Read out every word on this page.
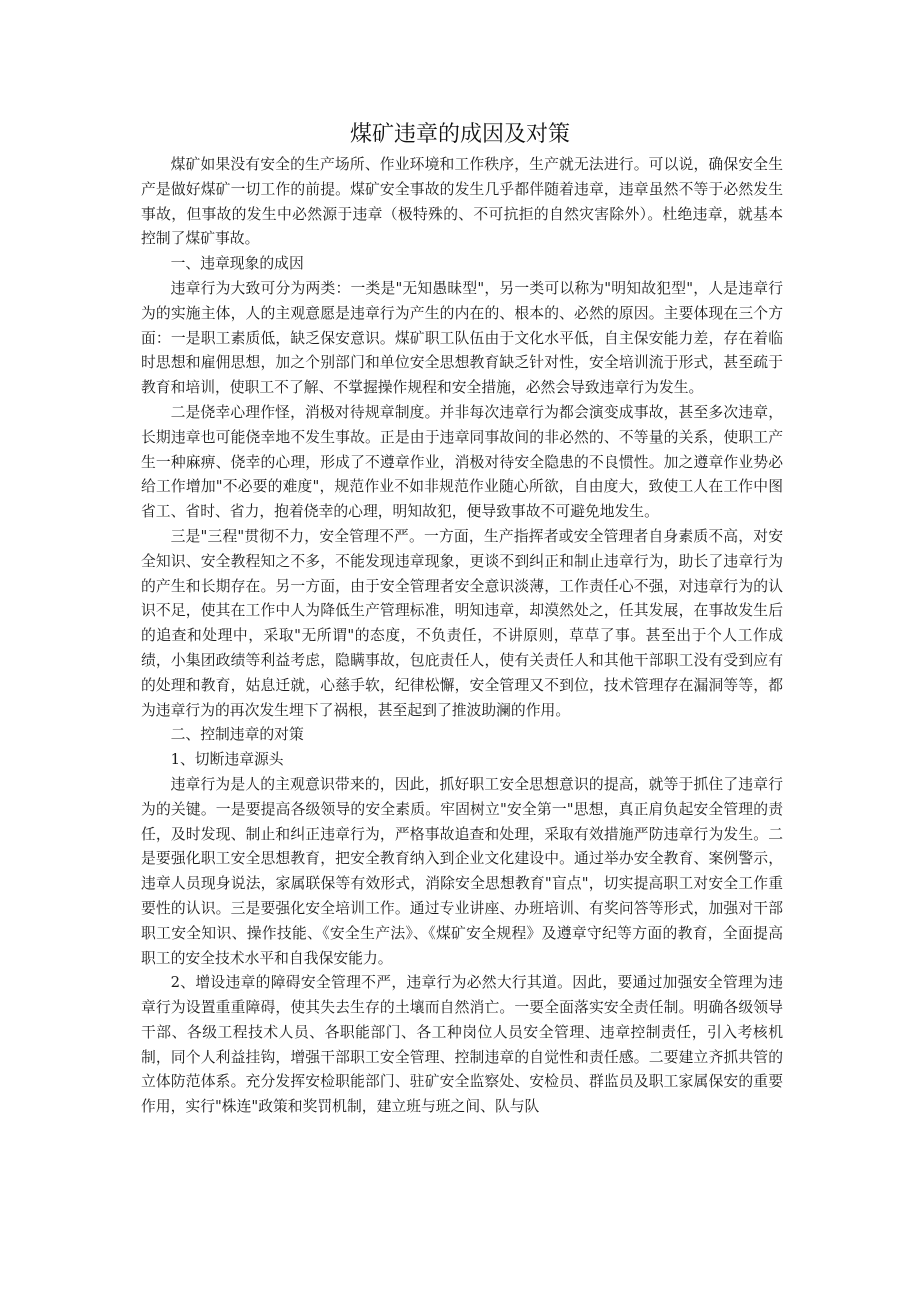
煤矿违章的成因及对策

煤矿如果没有安全的生产场所、作业环境和工作秩序，生产就无法进行。可以说，确保安全生产是做好煤矿一切工作的前提。煤矿安全事故的发生几乎都伴随着违章，违章虽然不等于必然发生事故，但事故的发生中必然源于违章（极特殊的、不可抗拒的自然灾害除外）。杜绝违章，就基本控制了煤矿事故。

一、违章现象的成因

违章行为大致可分为两类：一类是"无知愚昧型"，另一类可以称为"明知故犯型"，人是违章行为的实施主体，人的主观意愿是违章行为产生的内在的、根本的、必然的原因。主要体现在三个方面：一是职工素质低，缺乏保安意识。煤矿职工队伍由于文化水平低，自主保安能力差，存在着临时思想和雇佣思想，加之个别部门和单位安全思想教育缺乏针对性，安全培训流于形式，甚至疏于教育和培训，使职工不了解、不掌握操作规程和安全措施，必然会导致违章行为发生。

二是侥幸心理作怪，消极对待规章制度。并非每次违章行为都会演变成事故，甚至多次违章，长期违章也可能侥幸地不发生事故。正是由于违章同事故间的非必然的、不等量的关系，使职工产生一种麻痹、侥幸的心理，形成了不遵章作业，消极对待安全隐患的不良惯性。加之遵章作业势必给工作增加"不必要的难度"，规范作业不如非规范作业随心所欲，自由度大，致使工人在工作中图省工、省时、省力，抱着侥幸的心理，明知故犯，便导致事故不可避免地发生。

三是"三程"贯彻不力，安全管理不严。一方面，生产指挥者或安全管理者自身素质不高，对安全知识、安全教程知之不多，不能发现违章现象，更谈不到纠正和制止违章行为，助长了违章行为的产生和长期存在。另一方面，由于安全管理者安全意识淡薄，工作责任心不强，对违章行为的认识不足，使其在工作中人为降低生产管理标准，明知违章，却漠然处之，任其发展，在事故发生后的追查和处理中，采取"无所谓"的态度，不负责任，不讲原则，草草了事。甚至出于个人工作成绩，小集团政绩等利益考虑，隐瞒事故，包庇责任人，使有关责任人和其他干部职工没有受到应有的处理和教育，姑息迁就，心慈手软，纪律松懈，安全管理又不到位，技术管理存在漏洞等等，都为违章行为的再次发生埋下了祸根，甚至起到了推波助澜的作用。

二、控制违章的对策

1、切断违章源头

违章行为是人的主观意识带来的，因此，抓好职工安全思想意识的提高，就等于抓住了违章行为的关键。一是要提高各级领导的安全素质。牢固树立"安全第一"思想，真正肩负起安全管理的责任，及时发现、制止和纠正违章行为，严格事故追查和处理，采取有效措施严防违章行为发生。二是要强化职工安全思想教育，把安全教育纳入到企业文化建设中。通过举办安全教育、案例警示，违章人员现身说法，家属联保等有效形式，消除安全思想教育"盲点"，切实提高职工对安全工作重要性的认识。三是要强化安全培训工作。通过专业讲座、办班培训、有奖问答等形式，加强对干部职工安全知识、操作技能、《安全生产法》、《煤矿安全规程》及遵章守纪等方面的教育，全面提高职工的安全技术水平和自我保安能力。

2、增设违章的障碍安全管理不严，违章行为必然大行其道。因此，要通过加强安全管理为违章行为设置重重障碍，使其失去生存的土壤而自然消亡。一要全面落实安全责任制。明确各级领导干部、各级工程技术人员、各职能部门、各工种岗位人员安全管理、违章控制责任，引入考核机制，同个人利益挂钩，增强干部职工安全管理、控制违章的自觉性和责任感。二要建立齐抓共管的立体防范体系。充分发挥安检职能部门、驻矿安全监察处、安检员、群监员及职工家属保安的重要作用，实行"株连"政策和奖罚机制，建立班与班之间、队与队
